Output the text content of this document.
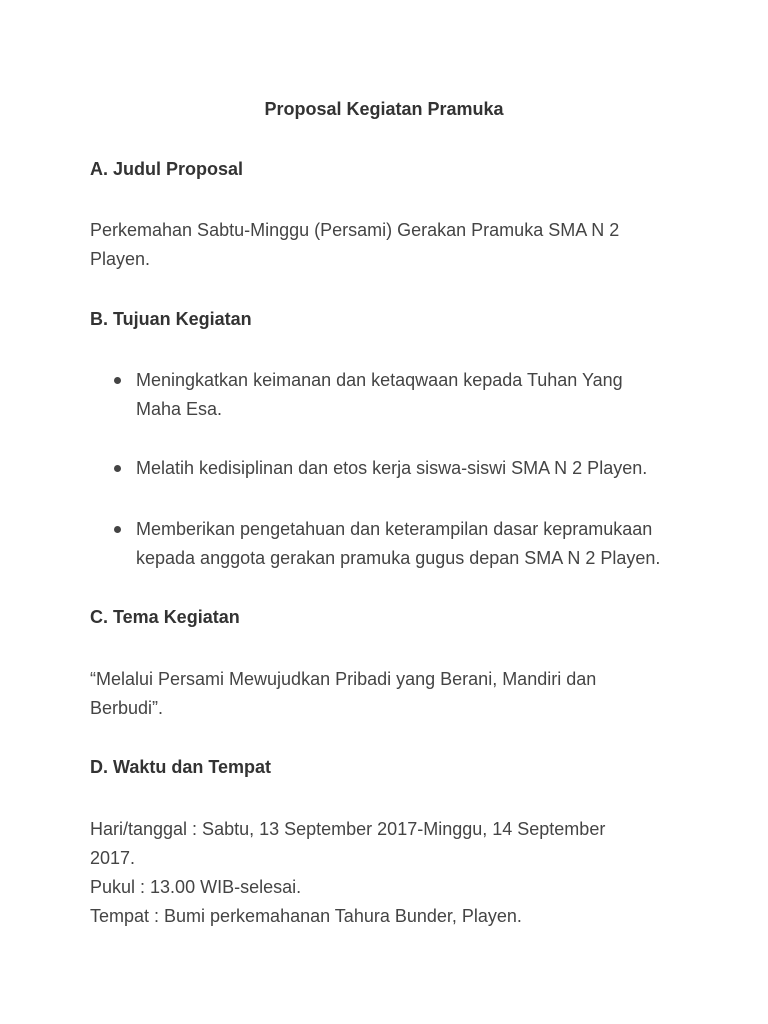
Proposal Kegiatan Pramuka
A. Judul Proposal

Perkemahan Sabtu-Minggu (Persami) Gerakan Pramuka SMA N 2
Playen.

B. Tujuan Kegiatan
Meningkatkan keimanan dan ketaqwaan kepada Tuhan Yang
Maha Esa.
Melatih kedisiplinan dan etos kerja siswa-siswi SMA N 2 Playen.
Memberikan pengetahuan dan keterampilan dasar kepramukaan
kepada anggota gerakan pramuka gugus depan SMA N 2 Playen.
C. Tema Kegiatan

“Melalui Persami Mewujudkan Pribadi yang Berani, Mandiri dan
Berbudi”.

D. Waktu dan Tempat

Hari/tanggal : Sabtu, 13 September 2017-Minggu, 14 September
2017.
Pukul : 13.00 WIB-selesai.
Tempat : Bumi perkemahanan Tahura Bunder, Playen.
